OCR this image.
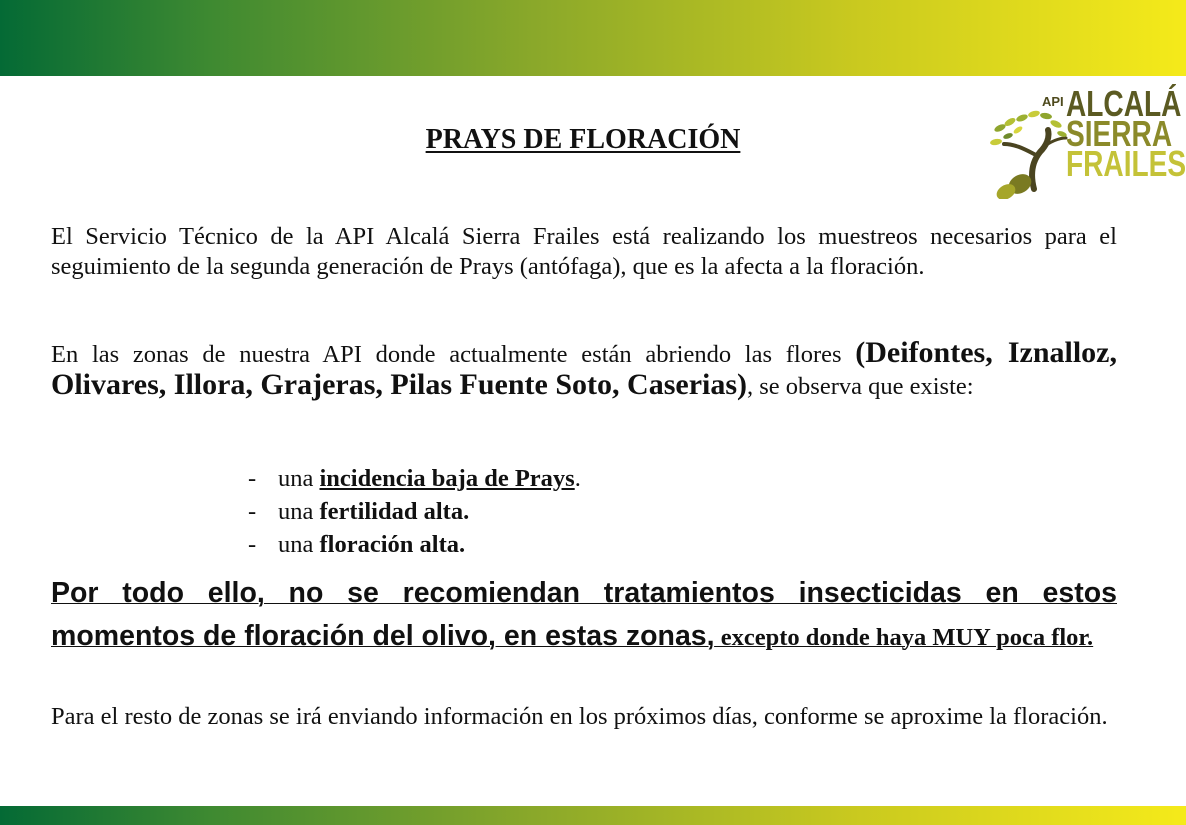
API ALCALÁ
SIERRA
FRAILES
PRAYS DE FLORACIÓN
El Servicio Técnico de la API Alcalá Sierra Frailes está realizando los muestreos necesarios para el seguimiento de la segunda generación de Prays (antófaga), que es la afecta a la floración.
En las zonas de nuestra API donde actualmente están abriendo las flores (Deifontes, Iznalloz, Olivares, Illora, Grajeras, Pilas Fuente Soto, Caserias), se observa que existe:
- una incidencia baja de Prays.
- una fertilidad alta.
- una floración alta.
Por todo ello, no se recomiendan tratamientos insecticidas en estos momentos de floración del olivo, en estas zonas, excepto donde haya MUY poca flor.
Para el resto de zonas se irá enviando información en los próximos días, conforme se aproxime la floración.
